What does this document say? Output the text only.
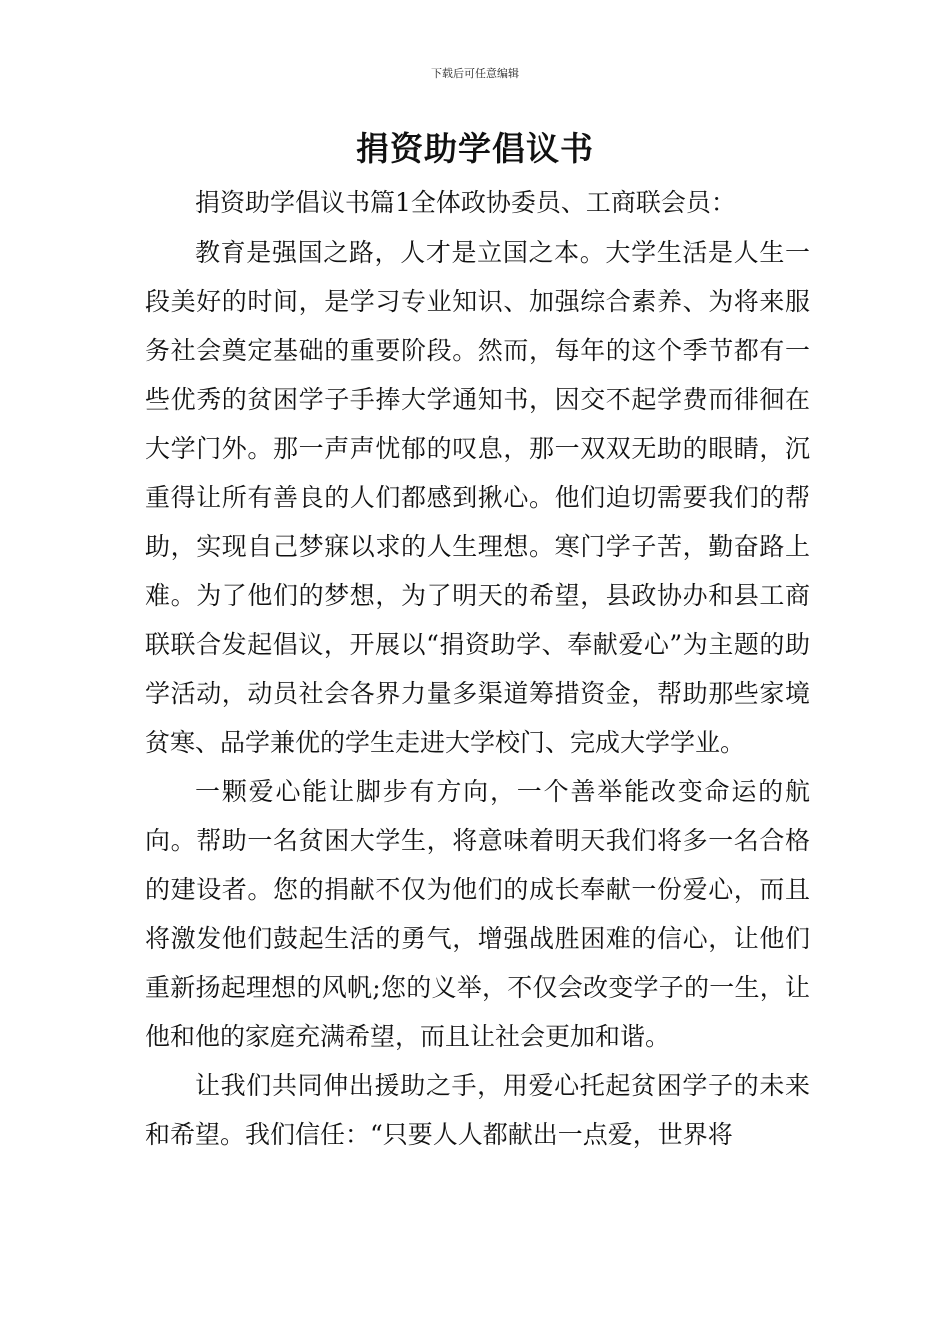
下载后可任意编辑
捐资助学倡议书

捐资助学倡议书篇1全体政协委员、工商联会员：

教育是强国之路，人才是立国之本。大学生活是人生一段美好的时间，是学习专业知识、加强综合素养、为将来服务社会奠定基础的重要阶段。然而，每年的这个季节都有一些优秀的贫困学子手捧大学通知书，因交不起学费而徘徊在大学门外。那一声声忧郁的叹息，那一双双无助的眼睛，沉重得让所有善良的人们都感到揪心。他们迫切需要我们的帮助，实现自己梦寐以求的人生理想。寒门学子苦，勤奋路上难。为了他们的梦想，为了明天的希望，县政协办和县工商联联合发起倡议，开展以“捐资助学、奉献爱心”为主题的助学活动，动员社会各界力量多渠道筹措资金，帮助那些家境贫寒、品学兼优的学生走进大学校门、完成大学学业。

一颗爱心能让脚步有方向，一个善举能改变命运的航向。帮助一名贫困大学生，将意味着明天我们将多一名合格的建设者。您的捐献不仅为他们的成长奉献一份爱心，而且将激发他们鼓起生活的勇气，增强战胜困难的信心，让他们重新扬起理想的风帆;您的义举，不仅会改变学子的一生，让他和他的家庭充满希望，而且让社会更加和谐。

让我们共同伸出援助之手，用爱心托起贫困学子的未来和希望。我们信任：“只要人人都献出一点爱，世界将
